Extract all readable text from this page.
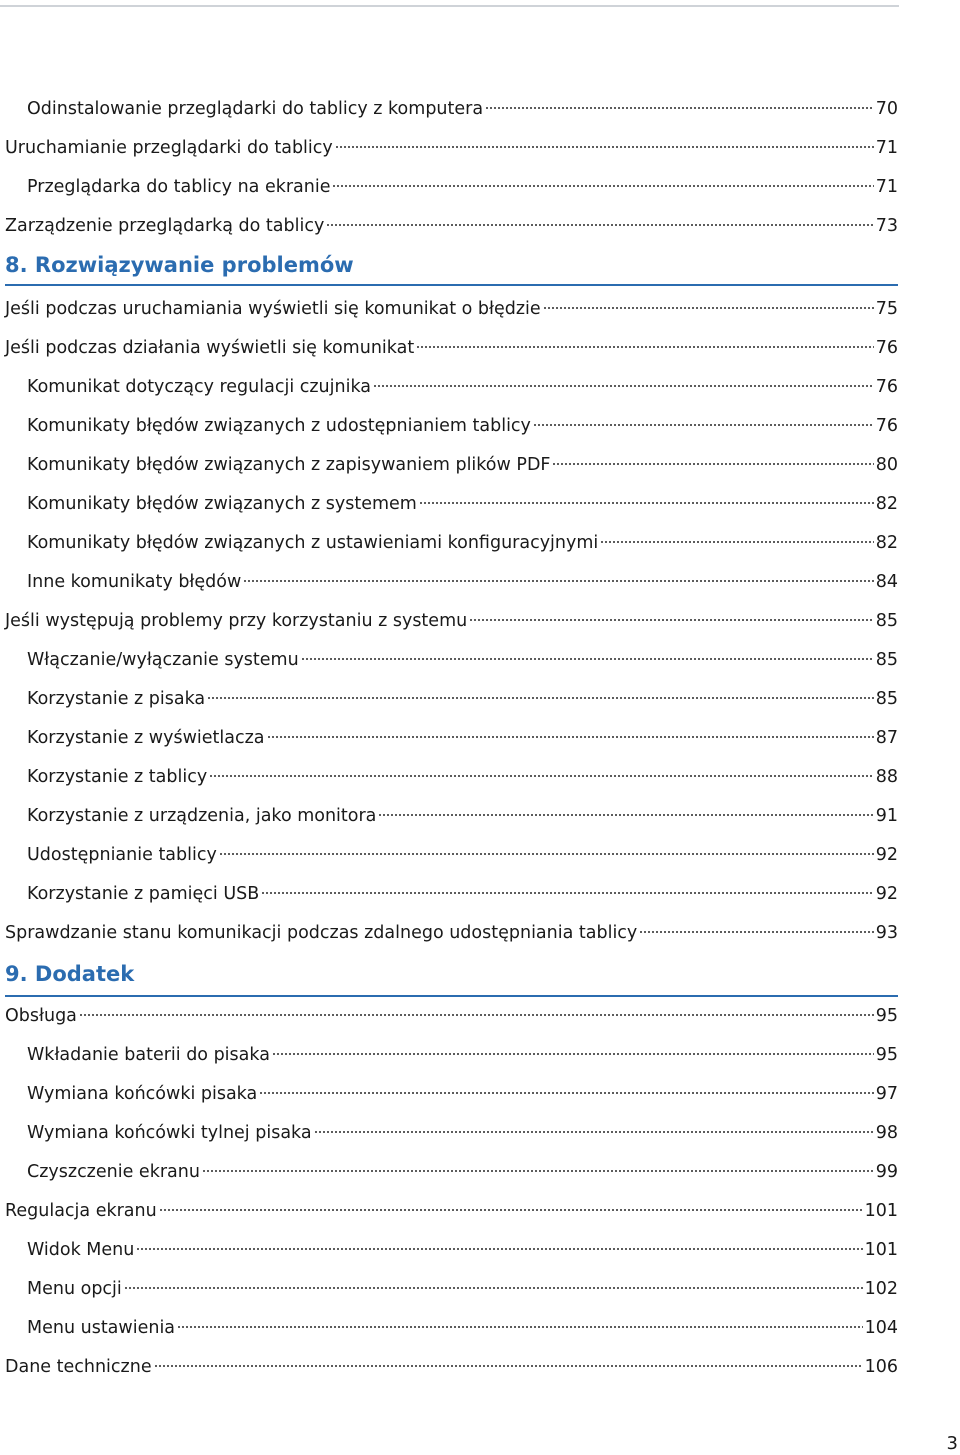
Odinstalowanie przeglądarki do tablicy z komputera	70
Uruchamianie przeglądarki do tablicy	71
Przeglądarka do tablicy na ekranie	71
Zarządzenie przeglądarką do tablicy	73
8. Rozwiązywanie problemów
Jeśli podczas uruchamiania wyświetli się komunikat o błędzie	75
Jeśli podczas działania wyświetli się komunikat	76
Komunikat dotyczący regulacji czujnika	76
Komunikaty błędów związanych z udostępnianiem tablicy	76
Komunikaty błędów związanych z zapisywaniem plików PDF	80
Komunikaty błędów związanych z systemem	82
Komunikaty błędów związanych z ustawieniami konfiguracyjnymi	82
Inne komunikaty błędów	84
Jeśli występują problemy przy korzystaniu z systemu	85
Włączanie/wyłączanie systemu	85
Korzystanie z pisaka	85
Korzystanie z wyświetlacza	87
Korzystanie z tablicy	88
Korzystanie z urządzenia, jako monitora	91
Udostępnianie tablicy	92
Korzystanie z pamięci USB	92
Sprawdzanie stanu komunikacji podczas zdalnego udostępniania tablicy	93
9. Dodatek
Obsługa	95
Wkładanie baterii do pisaka	95
Wymiana końcówki pisaka	97
Wymiana końcówki tylnej pisaka	98
Czyszczenie ekranu	99
Regulacja ekranu	101
Widok Menu	101
Menu opcji	102
Menu ustawienia	104
Dane techniczne	106
3
